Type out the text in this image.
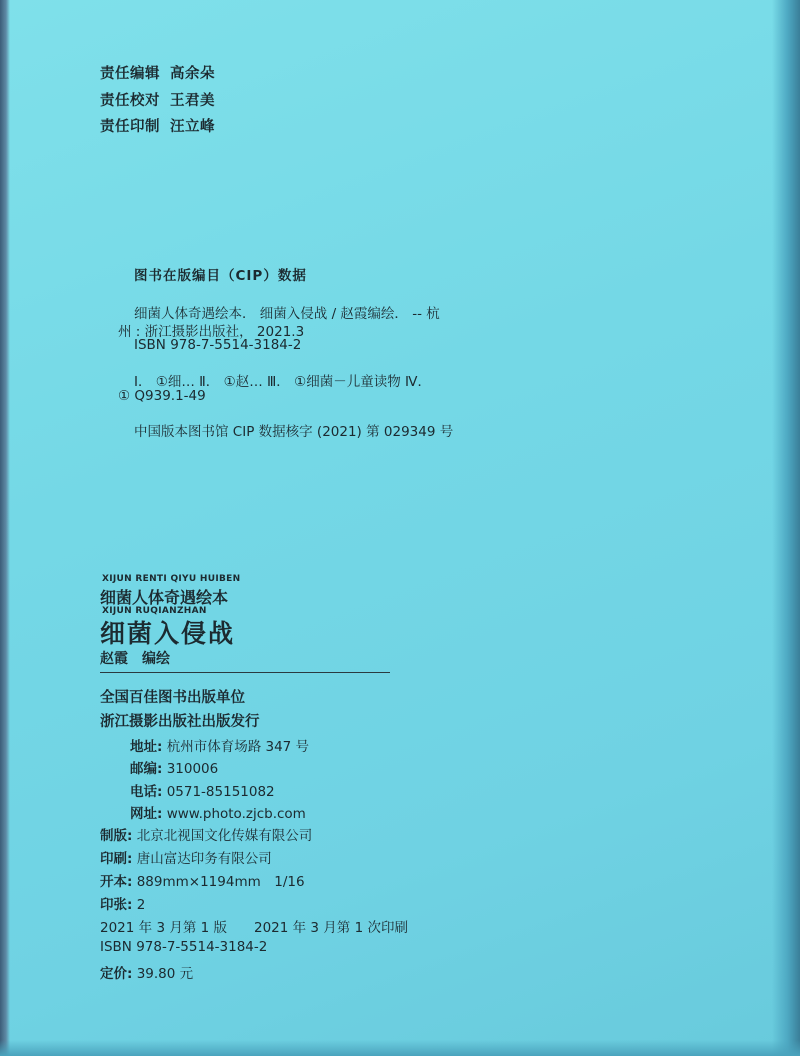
责任编辑 高余朵
责任校对 王君美
责任印制 汪立峰
图书在版编目（CIP）数据
细菌人体奇遇绘本． 细菌入侵战 / 赵霞编绘． -- 杭
州 : 浙江摄影出版社， 2021.3
ISBN 978-7-5514-3184-2
Ⅰ． ①细… Ⅱ． ①赵… Ⅲ． ①细菌－儿童读物 Ⅳ．
① Q939.1-49
中国版本图书馆 CIP 数据核字 (2021) 第 029349 号
XIJUN RENTI QIYU HUIBEN
细菌人体奇遇绘本
XIJUN RUQIANZHAN
细菌入侵战
赵霞　编绘
全国百佳图书出版单位
浙江摄影出版社出版发行
地址: 杭州市体育场路 347 号
邮编: 310006
电话: 0571-85151082
网址: www.photo.zjcb.com
制版: 北京北视国文化传媒有限公司
印刷: 唐山富达印务有限公司
开本: 889mm×1194mm　1/16
印张: 2
2021 年 3 月第 1 版　　2021 年 3 月第 1 次印刷
ISBN 978-7-5514-3184-2
定价: 39.80 元
